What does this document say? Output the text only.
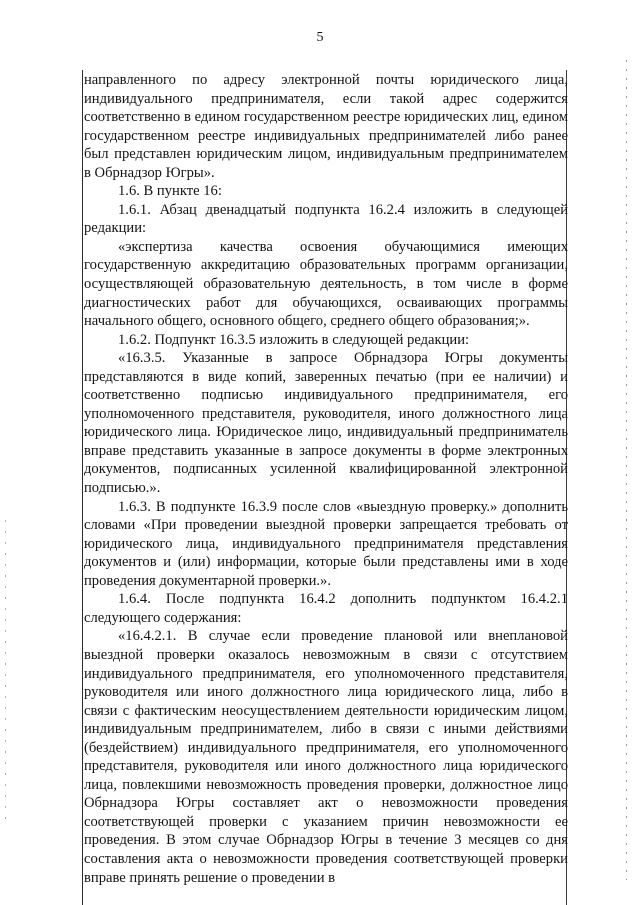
5

направленного по адресу электронной почты юридического лица, индивидуального предпринимателя, если такой адрес содержится соответственно в едином государственном реестре юридических лиц, едином государственном реестре индивидуальных предпринимателей либо ранее был представлен юридическим лицом, индивидуальным предпринимателем в Обрнадзор Югры».

1.6. В пункте 16:

1.6.1. Абзац двенадцатый подпункта 16.2.4 изложить в следующей редакции:

«экспертиза качества освоения обучающимися имеющих государственную аккредитацию образовательных программ организации, осуществляющей образовательную деятельность, в том числе в форме диагностических работ для обучающихся, осваивающих программы начального общего, основного общего, среднего общего образования;».

1.6.2. Подпункт 16.3.5 изложить в следующей редакции:

«16.3.5. Указанные в запросе Обрнадзора Югры документы представляются в виде копий, заверенных печатью (при ее наличии) и соответственно подписью индивидуального предпринимателя, его уполномоченного представителя, руководителя, иного должностного лица юридического лица. Юридическое лицо, индивидуальный предприниматель вправе представить указанные в запросе документы в форме электронных документов, подписанных усиленной квалифицированной электронной подписью.».

1.6.3. В подпункте 16.3.9 после слов «выездную проверку.» дополнить словами «При проведении выездной проверки запрещается требовать от юридического лица, индивидуального предпринимателя представления документов и (или) информации, которые были представлены ими в ходе проведения документарной проверки.».

1.6.4. После подпункта 16.4.2 дополнить подпунктом 16.4.2.1 следующего содержания:

«16.4.2.1. В случае если проведение плановой или внеплановой выездной проверки оказалось невозможным в связи с отсутствием индивидуального предпринимателя, его уполномоченного представителя, руководителя или иного должностного лица юридического лица, либо в связи с фактическим неосуществлением деятельности юридическим лицом, индивидуальным предпринимателем, либо в связи с иными действиями (бездействием) индивидуального предпринимателя, его уполномоченного представителя, руководителя или иного должностного лица юридического лица, повлекшими невозможность проведения проверки, должностное лицо Обрнадзора Югры составляет акт о невозможности проведения соответствующей проверки с указанием причин невозможности ее проведения. В этом случае Обрнадзор Югры в течение 3 месяцев со дня составления акта о невозможности проведения соответствующей проверки вправе принять решение о проведении в
